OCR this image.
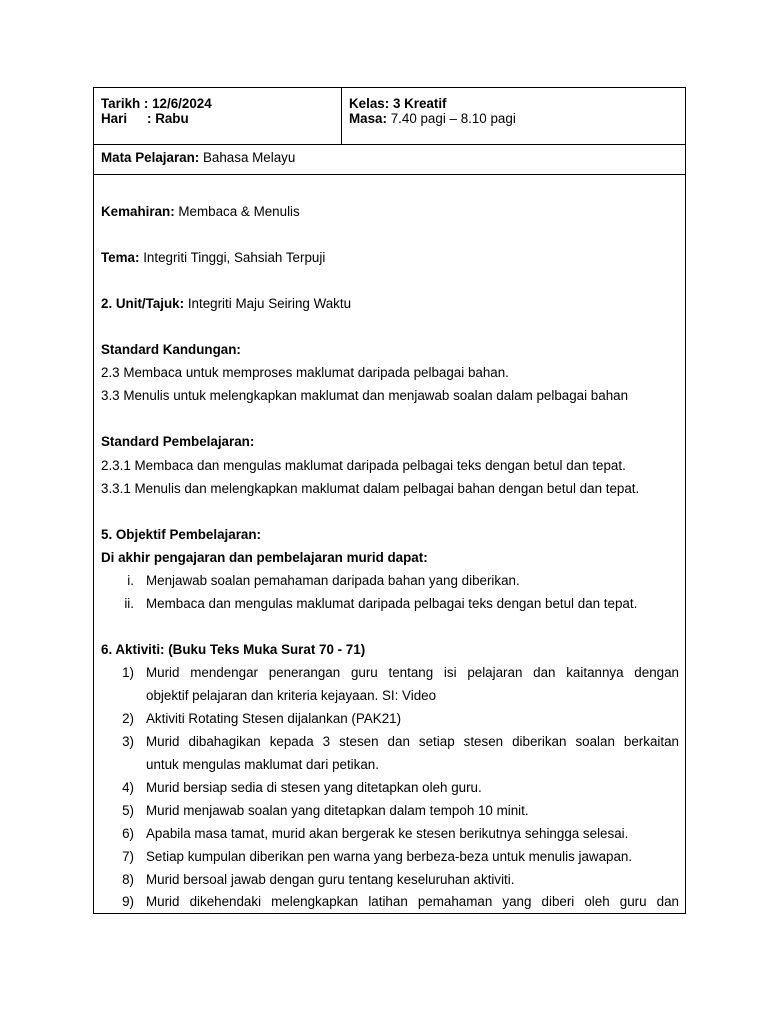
Tarikh : 12/6/2024
Hari : Rabu
Kelas: 3 Kreatif
Masa: 7.40 pagi – 8.10 pagi
Mata Pelajaran: Bahasa Melayu
Kemahiran: Membaca & Menulis
Tema: Integriti Tinggi, Sahsiah Terpuji
2. Unit/Tajuk: Integriti Maju Seiring Waktu
Standard Kandungan:
2.3 Membaca untuk memproses maklumat daripada pelbagai bahan.
3.3 Menulis untuk melengkapkan maklumat dan menjawab soalan dalam pelbagai bahan
Standard Pembelajaran:
2.3.1 Membaca dan mengulas maklumat daripada pelbagai teks dengan betul dan tepat.
3.3.1 Menulis dan melengkapkan maklumat dalam pelbagai bahan dengan betul dan tepat.
5. Objektif Pembelajaran:
Di akhir pengajaran dan pembelajaran murid dapat:
i. Menjawab soalan pemahaman daripada bahan yang diberikan.
ii. Membaca dan mengulas maklumat daripada pelbagai teks dengan betul dan tepat.
6. Aktiviti: (Buku Teks Muka Surat 70 - 71)
1) Murid mendengar penerangan guru tentang isi pelajaran dan kaitannya dengan
objektif pelajaran dan kriteria kejayaan. SI: Video
2) Aktiviti Rotating Stesen dijalankan (PAK21)
3) Murid dibahagikan kepada 3 stesen dan setiap stesen diberikan soalan berkaitan
untuk mengulas maklumat dari petikan.
4) Murid bersiap sedia di stesen yang ditetapkan oleh guru.
5) Murid menjawab soalan yang ditetapkan dalam tempoh 10 minit.
6) Apabila masa tamat, murid akan bergerak ke stesen berikutnya sehingga selesai.
7) Setiap kumpulan diberikan pen warna yang berbeza-beza untuk menulis jawapan.
8) Murid bersoal jawab dengan guru tentang keseluruhan aktiviti.
9) Murid dikehendaki melengkapkan latihan pemahaman yang diberi oleh guru dan
